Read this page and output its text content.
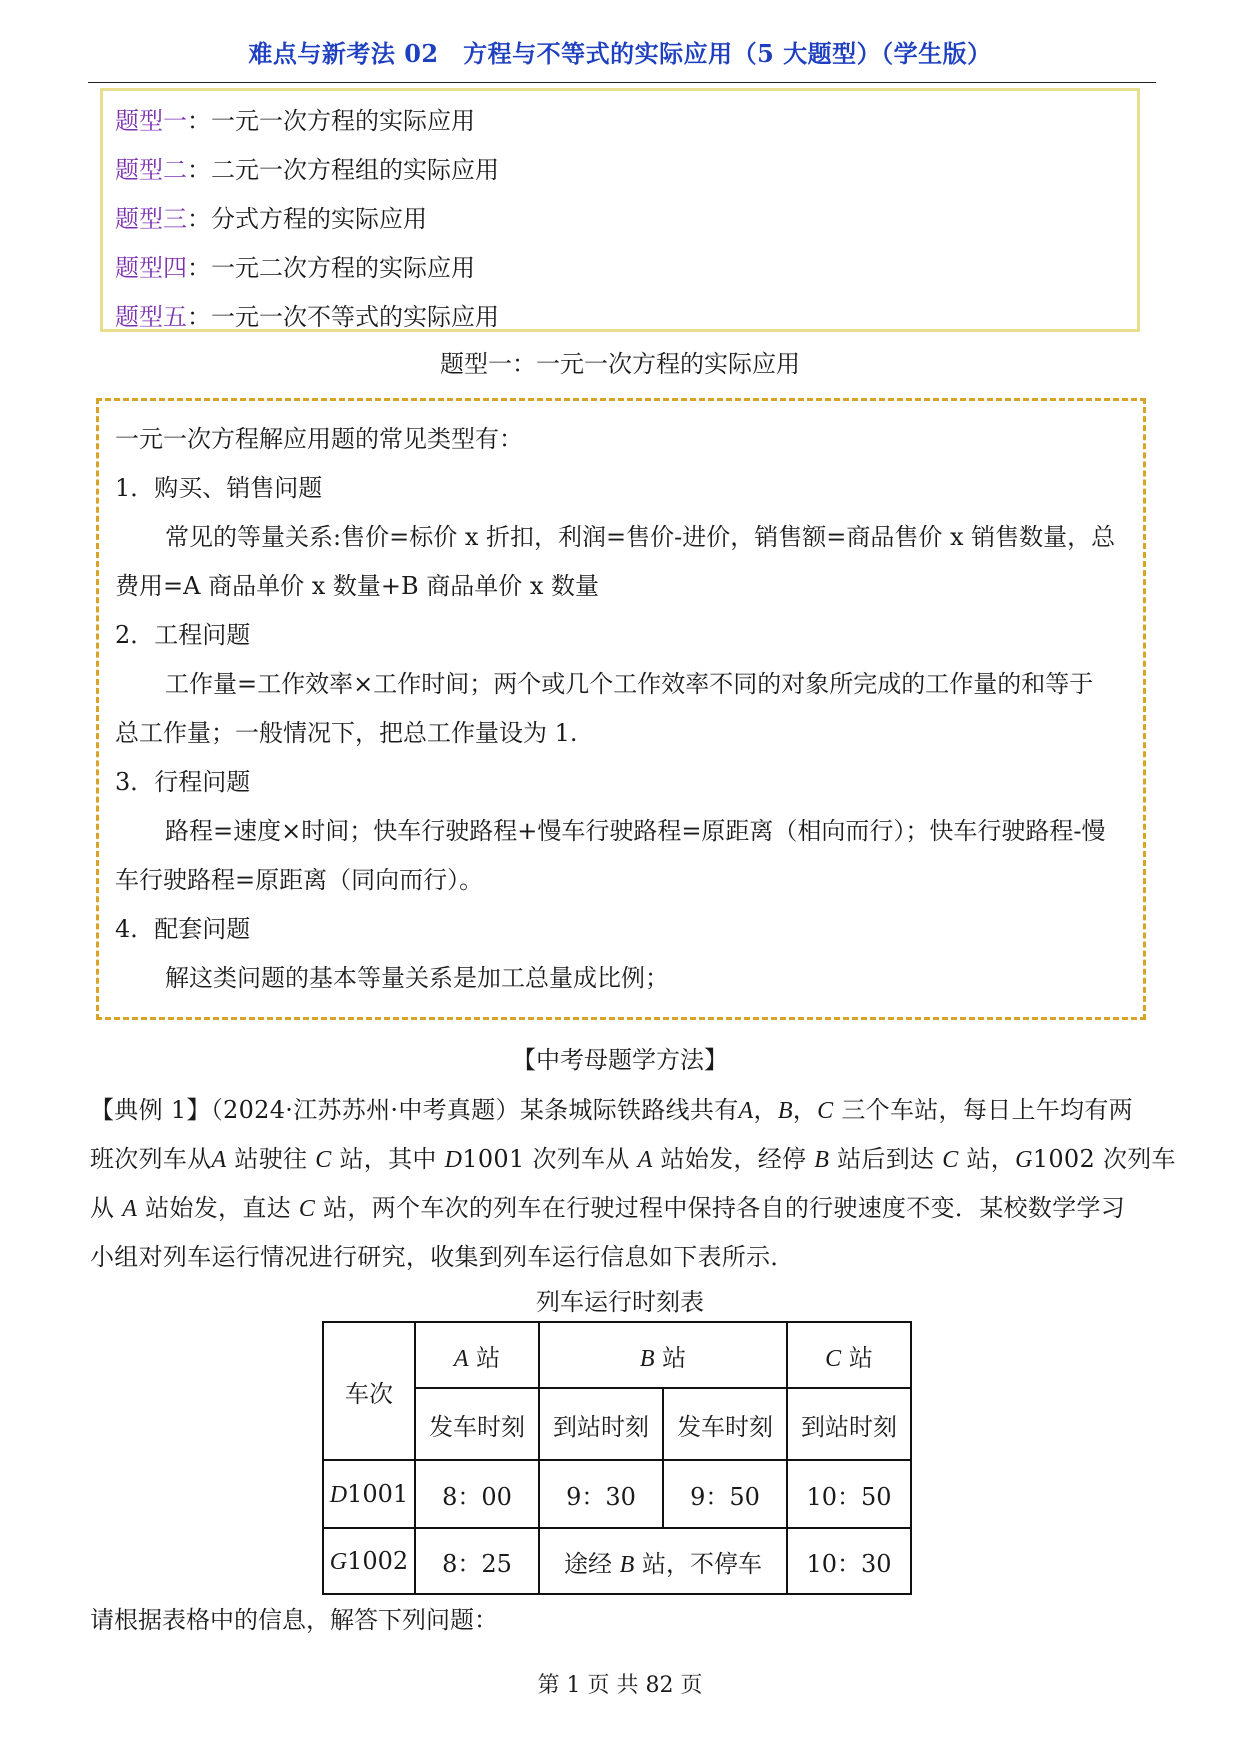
难点与新考法 02　方程与不等式的实际应用（5 大题型）（学生版）
题型一：一元一次方程的实际应用
题型二：二元一次方程组的实际应用
题型三：分式方程的实际应用
题型四：一元二次方程的实际应用
题型五：一元一次不等式的实际应用
题型一：一元一次方程的实际应用
一元一次方程解应用题的常见类型有：
1．购买、销售问题
常见的等量关系:售价=标价 x 折扣，利润=售价-进价，销售额=商品售价 x 销售数量，总
费用=A 商品单价 x 数量+B 商品单价 x 数量
2．工程问题
工作量=工作效率×工作时间；两个或几个工作效率不同的对象所完成的工作量的和等于
总工作量；一般情况下，把总工作量设为 1.
3．行程问题
路程=速度×时间；快车行驶路程+慢车行驶路程=原距离（相向而行）；快车行驶路程-慢
车行驶路程=原距离（同向而行）。
4．配套问题
解这类问题的基本等量关系是加工总量成比例；
【中考母题学方法】
【典例 1】（2024·江苏苏州·中考真题）某条城际铁路线共有A，B，C 三个车站，每日上午均有两
班次列车从A 站驶往 C 站，其中 D1001 次列车从 A 站始发，经停 B 站后到达 C 站，G1002 次列车
从 A 站始发，直达 C 站，两个车次的列车在行驶过程中保持各自的行驶速度不变．某校数学学习
小组对列车运行情况进行研究，收集到列车运行信息如下表所示．
列车运行时刻表
车次	A 站	B 站		C 站
	发车时刻	到站时刻	发车时刻	到站时刻
D1001	8：00	9：30	9：50	10：50
G1002	8：25	途经 B 站，不停车		10：30
请根据表格中的信息，解答下列问题：
第 1 页 共 82 页
